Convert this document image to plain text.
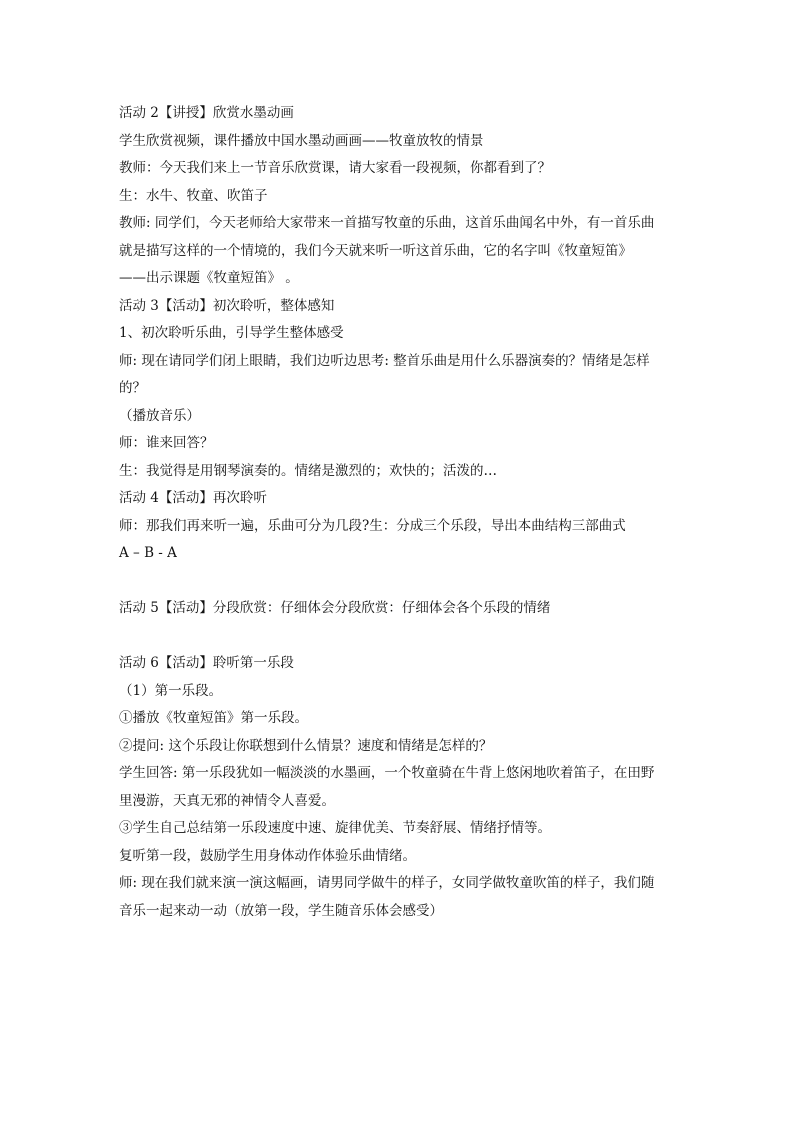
活动 2【讲授】欣赏水墨动画
学生欣赏视频，课件播放中国水墨动画画——牧童放牧的情景
教师：今天我们来上一节音乐欣赏课，请大家看一段视频，你都看到了？
生：水牛、牧童、吹笛子
教师: 同学们，今天老师给大家带来一首描写牧童的乐曲，这首乐曲闻名中外，有一首乐曲
就是描写这样的一个情境的，我们今天就来听一听这首乐曲，它的名字叫《牧童短笛》
——出示课题《牧童短笛》 。
活动 3【活动】初次聆听，整体感知
1、初次聆听乐曲，引导学生整体感受
师: 现在请同学们闭上眼睛，我们边听边思考: 整首乐曲是用什么乐器演奏的？情绪是怎样
的？
（播放音乐）
师：谁来回答？
生：我觉得是用钢琴演奏的。情绪是激烈的；欢快的；活泼的…
活动 4【活动】再次聆听
师：那我们再来听一遍，乐曲可分为几段?生：分成三个乐段，导出本曲结构三部曲式
A – B - A
活动 5【活动】分段欣赏：仔细体会分段欣赏：仔细体会各个乐段的情绪
活动 6【活动】聆听第一乐段
（1）第一乐段。
①播放《牧童短笛》第一乐段。
②提问: 这个乐段让你联想到什么情景？速度和情绪是怎样的？
学生回答: 第一乐段犹如一幅淡淡的水墨画，一个牧童骑在牛背上悠闲地吹着笛子，在田野
里漫游，天真无邪的神情令人喜爱。
③学生自己总结第一乐段速度中速、旋律优美、节奏舒展、情绪抒情等。
复听第一段，鼓励学生用身体动作体验乐曲情绪。
师: 现在我们就来演一演这幅画，请男同学做牛的样子，女同学做牧童吹笛的样子，我们随
音乐一起来动一动（放第一段，学生随音乐体会感受）
